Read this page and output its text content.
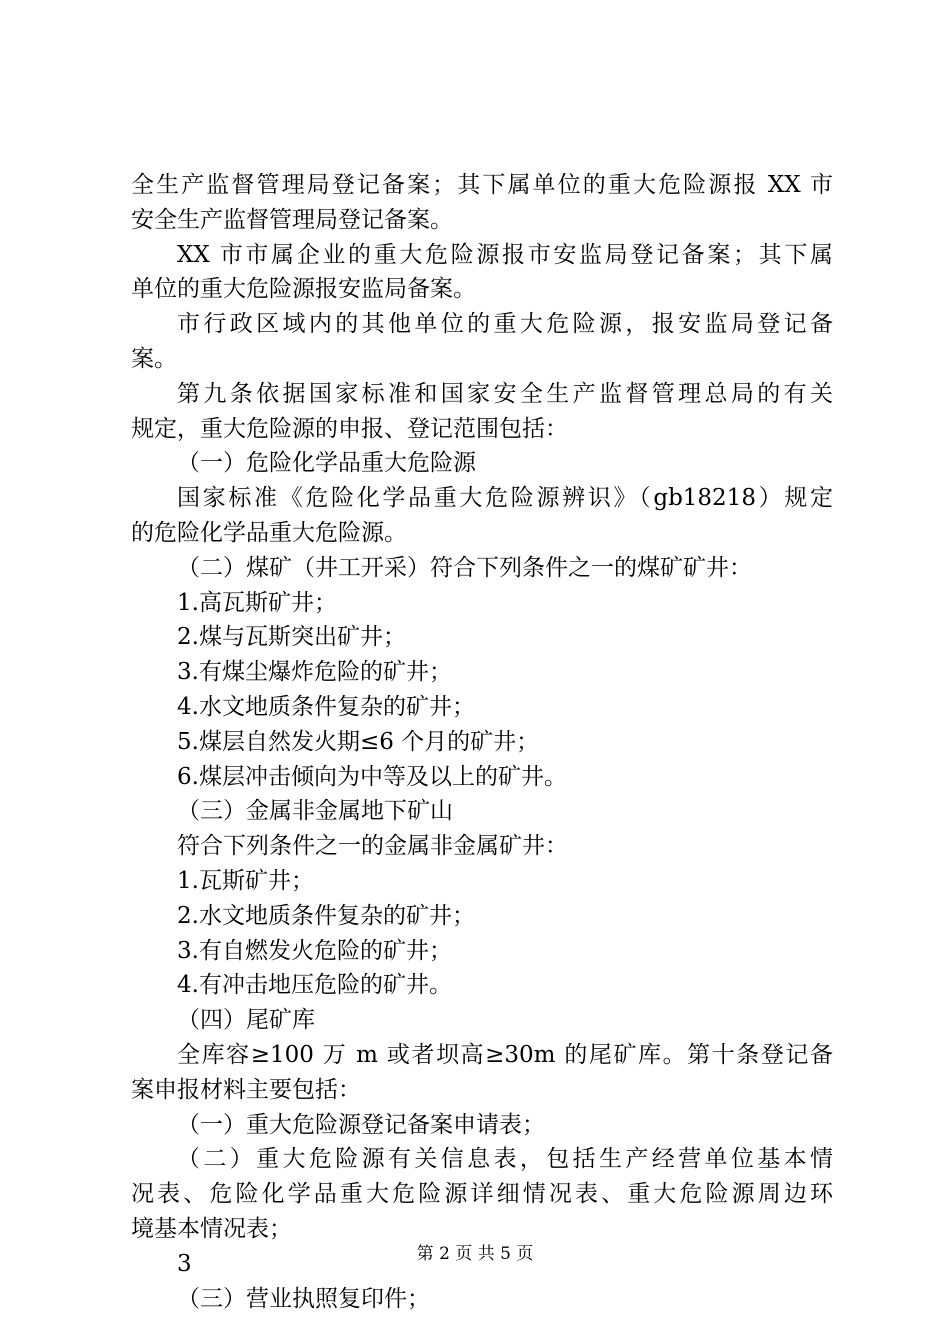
全生产监督管理局登记备案；其下属单位的重大危险源报 XX 市
安全生产监督管理局登记备案。
XX 市市属企业的重大危险源报市安监局登记备案；其下属
单位的重大危险源报安监局备案。
市行政区域内的其他单位的重大危险源，报安监局登记备
案。
第九条依据国家标准和国家安全生产监督管理总局的有关
规定，重大危险源的申报、登记范围包括：
（一）危险化学品重大危险源
国家标准《危险化学品重大危险源辨识》（gb18218）规定
的危险化学品重大危险源。
（二）煤矿（井工开采）符合下列条件之一的煤矿矿井：
1.高瓦斯矿井；
2.煤与瓦斯突出矿井；
3.有煤尘爆炸危险的矿井；
4.水文地质条件复杂的矿井；
5.煤层自然发火期≤6 个月的矿井；
6.煤层冲击倾向为中等及以上的矿井。
（三）金属非金属地下矿山
符合下列条件之一的金属非金属矿井：
1.瓦斯矿井；
2.水文地质条件复杂的矿井；
3.有自燃发火危险的矿井；
4.有冲击地压危险的矿井。
（四）尾矿库
全库容≥100 万 m 或者坝高≥30m 的尾矿库。第十条登记备
案申报材料主要包括：
（一）重大危险源登记备案申请表；
（二）重大危险源有关信息表，包括生产经营单位基本情
况表、危险化学品重大危险源详细情况表、重大危险源周边环
境基本情况表；
3
（三）营业执照复印件；
第 2 页 共 5 页
